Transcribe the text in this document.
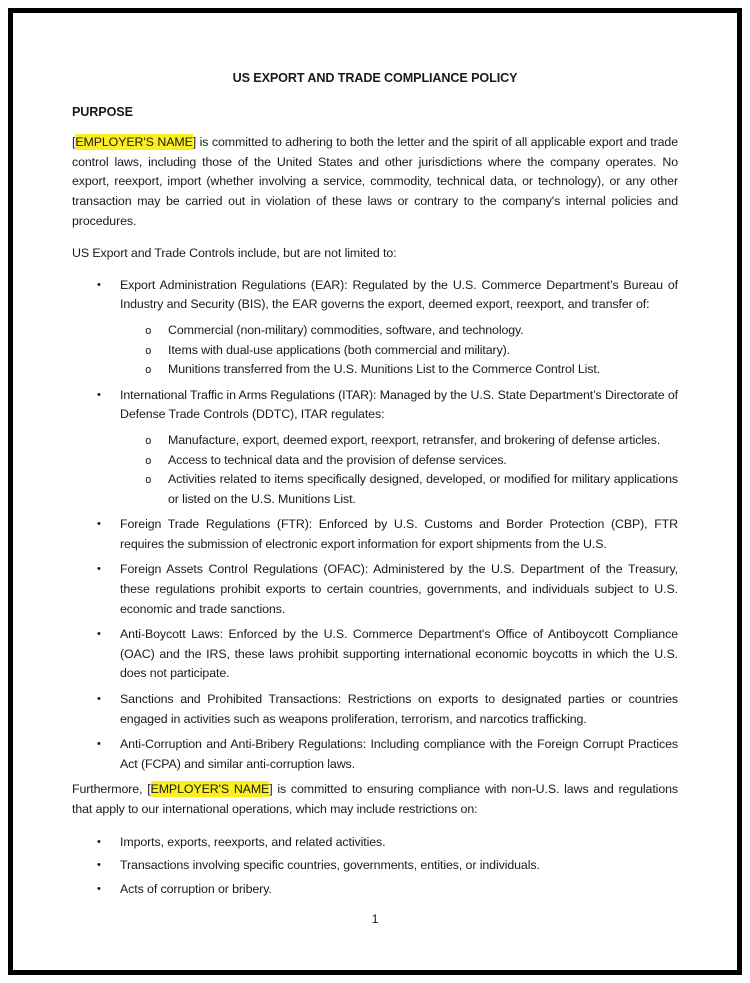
US EXPORT AND TRADE COMPLIANCE POLICY
PURPOSE

[EMPLOYER'S NAME] is committed to adhering to both the letter and the spirit of all applicable export and trade control laws, including those of the United States and other jurisdictions where the company operates. No export, reexport, import (whether involving a service, commodity, technical data, or technology), or any other transaction may be carried out in violation of these laws or contrary to the company's internal policies and procedures.

US Export and Trade Controls include, but are not limited to:

• Export Administration Regulations (EAR): Regulated by the U.S. Commerce Department’s Bureau of Industry and Security (BIS), the EAR governs the export, deemed export, reexport, and transfer of:
o Commercial (non-military) commodities, software, and technology.
o Items with dual-use applications (both commercial and military).
o Munitions transferred from the U.S. Munitions List to the Commerce Control List.
• International Traffic in Arms Regulations (ITAR): Managed by the U.S. State Department’s Directorate of Defense Trade Controls (DDTC), ITAR regulates:
o Manufacture, export, deemed export, reexport, retransfer, and brokering of defense articles.
o Access to technical data and the provision of defense services.
o Activities related to items specifically designed, developed, or modified for military applications or listed on the U.S. Munitions List.
• Foreign Trade Regulations (FTR): Enforced by U.S. Customs and Border Protection (CBP), FTR requires the submission of electronic export information for export shipments from the U.S.
• Foreign Assets Control Regulations (OFAC): Administered by the U.S. Department of the Treasury, these regulations prohibit exports to certain countries, governments, and individuals subject to U.S. economic and trade sanctions.
• Anti-Boycott Laws: Enforced by the U.S. Commerce Department's Office of Antiboycott Compliance (OAC) and the IRS, these laws prohibit supporting international economic boycotts in which the U.S. does not participate.
• Sanctions and Prohibited Transactions: Restrictions on exports to designated parties or countries engaged in activities such as weapons proliferation, terrorism, and narcotics trafficking.
• Anti-Corruption and Anti-Bribery Regulations: Including compliance with the Foreign Corrupt Practices Act (FCPA) and similar anti-corruption laws.

Furthermore, [EMPLOYER'S NAME] is committed to ensuring compliance with non-U.S. laws and regulations that apply to our international operations, which may include restrictions on:

• Imports, exports, reexports, and related activities.
• Transactions involving specific countries, governments, entities, or individuals.
• Acts of corruption or bribery.
1
